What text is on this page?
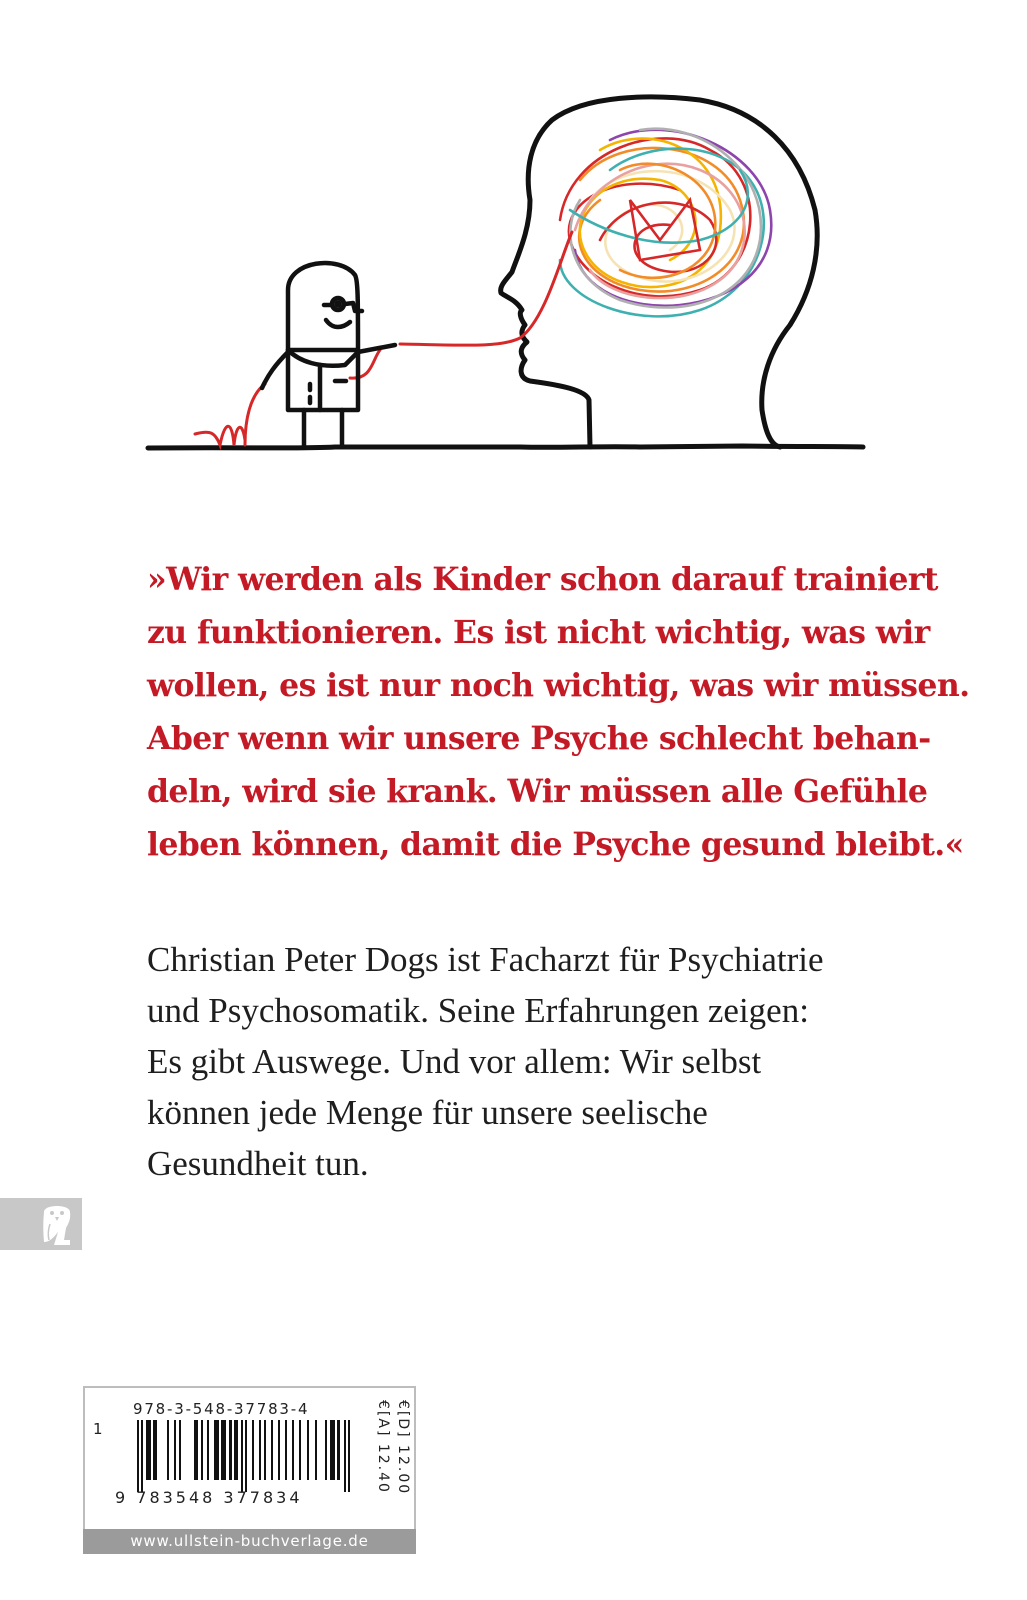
»Wir werden als Kinder schon darauf trainiert
zu funktionieren. Es ist nicht wichtig, was wir
wollen, es ist nur noch wichtig, was wir müssen.
Aber wenn wir unsere Psyche schlecht behan-
deln, wird sie krank. Wir müssen alle Gefühle
leben können, damit die Psyche gesund bleibt.«
Christian Peter Dogs ist Facharzt für Psychiatrie
und Psychosomatik. Seine Erfahrungen zeigen:
Es gibt Auswege. Und vor allem: Wir selbst
können jede Menge für unsere seelische
Gesundheit tun.
978-3-548-37783-4
1
9 783548 377834
€[D] 12.00
€[A] 12.40
www.ullstein-buchverlage.de
